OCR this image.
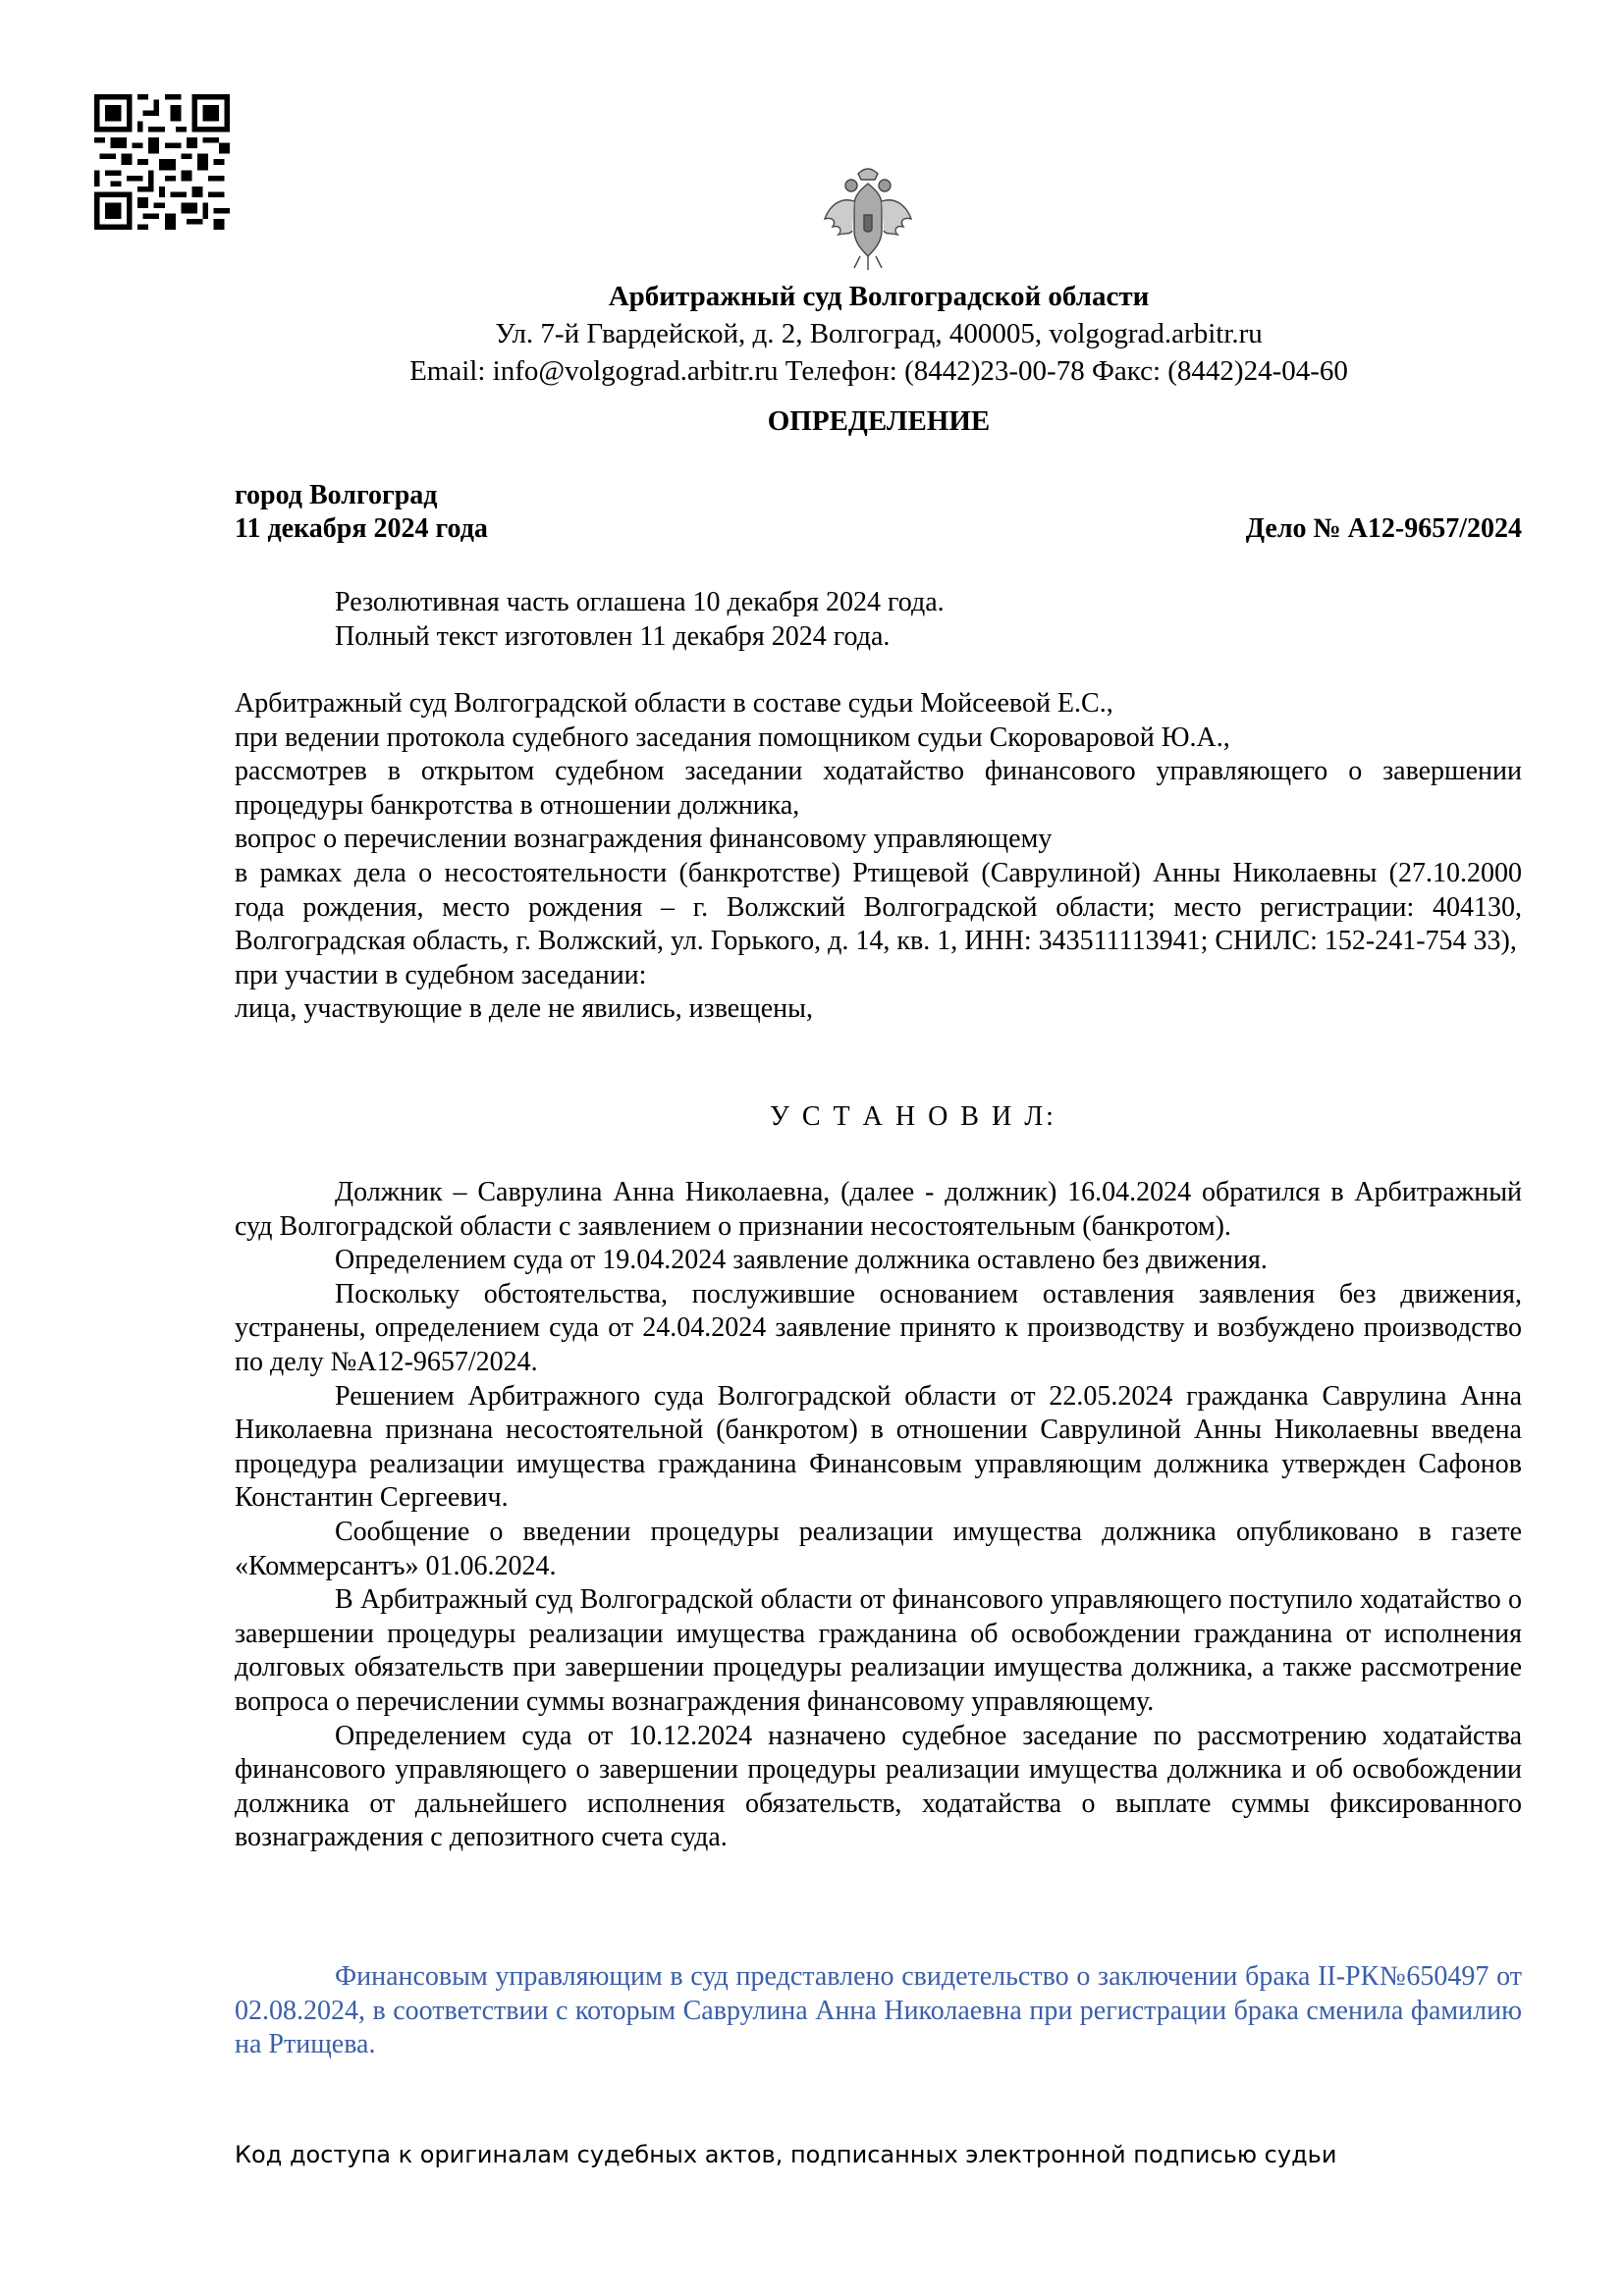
Арбитражный суд Волгоградской области
Ул. 7-й Гвардейской, д. 2, Волгоград, 400005, volgograd.arbitr.ru
Email: info@volgograd.arbitr.ru Телефон: (8442)23-00-78 Факс: (8442)24-04-60
ОПРЕДЕЛЕНИЕ
город Волгоград
11 декабря 2024 года	Дело № А12-9657/2024
Резолютивная часть оглашена 10 декабря 2024 года.
Полный текст изготовлен 11 декабря 2024 года.

Арбитражный суд Волгоградской области в составе судьи Мойсеевой Е.С.,

при ведении протокола судебного заседания помощником судьи Скороваровой Ю.А.,

рассмотрев в открытом судебном заседании ходатайство финансового управляющего о завершении процедуры банкротства в отношении должника,

вопрос о перечислении вознаграждения финансовому управляющему

в рамках дела о несостоятельности (банкротстве) Ртищевой (Саврулиной) Анны Николаевны (27.10.2000 года рождения, место рождения – г. Волжский Волгоградской области; место регистрации: 404130, Волгоградская область, г. Волжский, ул. Горького, д. 14, кв. 1, ИНН: 343511113941; СНИЛС: 152-241-754 33),

при участии в судебном заседании:

лица, участвующие в деле не явились, извещены,

У С Т А Н О В И Л:

Должник – Саврулина Анна Николаевна, (далее - должник) 16.04.2024 обратился в Арбитражный суд Волгоградской области с заявлением о признании несостоятельным (банкротом).

Определением суда от 19.04.2024 заявление должника оставлено без движения.

Поскольку обстоятельства, послужившие основанием оставления заявления без движения, устранены, определением суда от 24.04.2024 заявление принято к производству и возбуждено производство по делу №А12-9657/2024.

Решением Арбитражного суда Волгоградской области от 22.05.2024 гражданка Саврулина Анна Николаевна признана несостоятельной (банкротом) в отношении Саврулиной Анны Николаевны введена процедура реализации имущества гражданина Финансовым управляющим должника утвержден Сафонов Константин Сергеевич.

Сообщение о введении процедуры реализации имущества должника опубликовано в газете «Коммерсантъ» 01.06.2024.

В Арбитражный суд Волгоградской области от финансового управляющего поступило ходатайство о завершении процедуры реализации имущества гражданина об освобождении гражданина от исполнения долговых обязательств при завершении процедуры реализации имущества должника, а также рассмотрение вопроса о перечислении суммы вознаграждения финансовому управляющему.

Определением суда от 10.12.2024 назначено судебное заседание по рассмотрению ходатайства финансового управляющего о завершении процедуры реализации имущества должника и об освобождении должника от дальнейшего исполнения обязательств, ходатайства о выплате суммы фиксированного вознаграждения с депозитного счета суда.

Финансовым управляющим в суд представлено свидетельство о заключении брака II-РК№650497 от 02.08.2024, в соответствии с которым Саврулина Анна Николаевна при регистрации брака сменила фамилию на Ртищева.

Код доступа к оригиналам судебных актов, подписанных электронной подписью судьи
